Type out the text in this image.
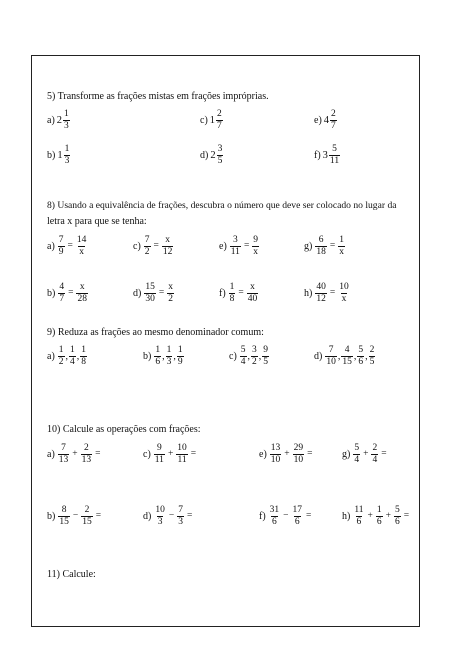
5) Transforme as frações mistas em frações impróprias.
a) $2 \frac{1}{3}$	c) $1 \frac{2}{7}$	e) $4 \frac{2}{7}$
b) $1 \frac{1}{3}$	d) $2 \frac{3}{5}$	f) $3 \frac{5}{11}$
8) Usando a equivalência de frações, descubra o número que deve ser colocado no lugar da
letra x para que se tenha:
$a) \frac{7}{9} = \frac{14}{x}$	$c) \frac{7}{2} = \frac{x}{12}$	$e) \frac{3}{11} = \frac{9}{x}$	$g) \frac{6}{18} = \frac{1}{x}$
$b) \frac{4}{7} = \frac{x}{28}$	$d) \frac{15}{30} = \frac{x}{2}$	$f) \frac{1}{8} = \frac{x}{40}$	$h) \frac{40}{12} = \frac{10}{x}$
9) Reduza as frações ao mesmo denominador comum:
$a) \frac{1}{2}$ , $\frac{1}{4}$ , $\frac{1}{8}$	$b) \frac{1}{6}$ , $\frac{1}{3}$ , $\frac{1}{9}$	$c) \frac{5}{4}$ , $\frac{3}{2}$ , $\frac{9}{5}$	$d) \frac{7}{10}$ , $\frac{4}{15}$ , $\frac{5}{6}$ , $\frac{2}{5}$
10) Calcule as operações com frações:
$a) \frac{7}{13} + \frac{2}{13}$ =	$c) \frac{9}{11} + \frac{10}{11}$ =	$e) \frac{13}{10} + \frac{29}{10}$ =	$g) \frac{5}{4} + \frac{2}{4}$ =
$b) \frac{8}{15} - \frac{2}{15}$ =	$d) \frac{10}{3} - \frac{7}{3}$ =	$f) \frac{31}{6} - \frac{17}{6}$ =	$h) \frac{11}{6} + \frac{1}{6} + \frac{5}{6}$ =
11) Calcule:
